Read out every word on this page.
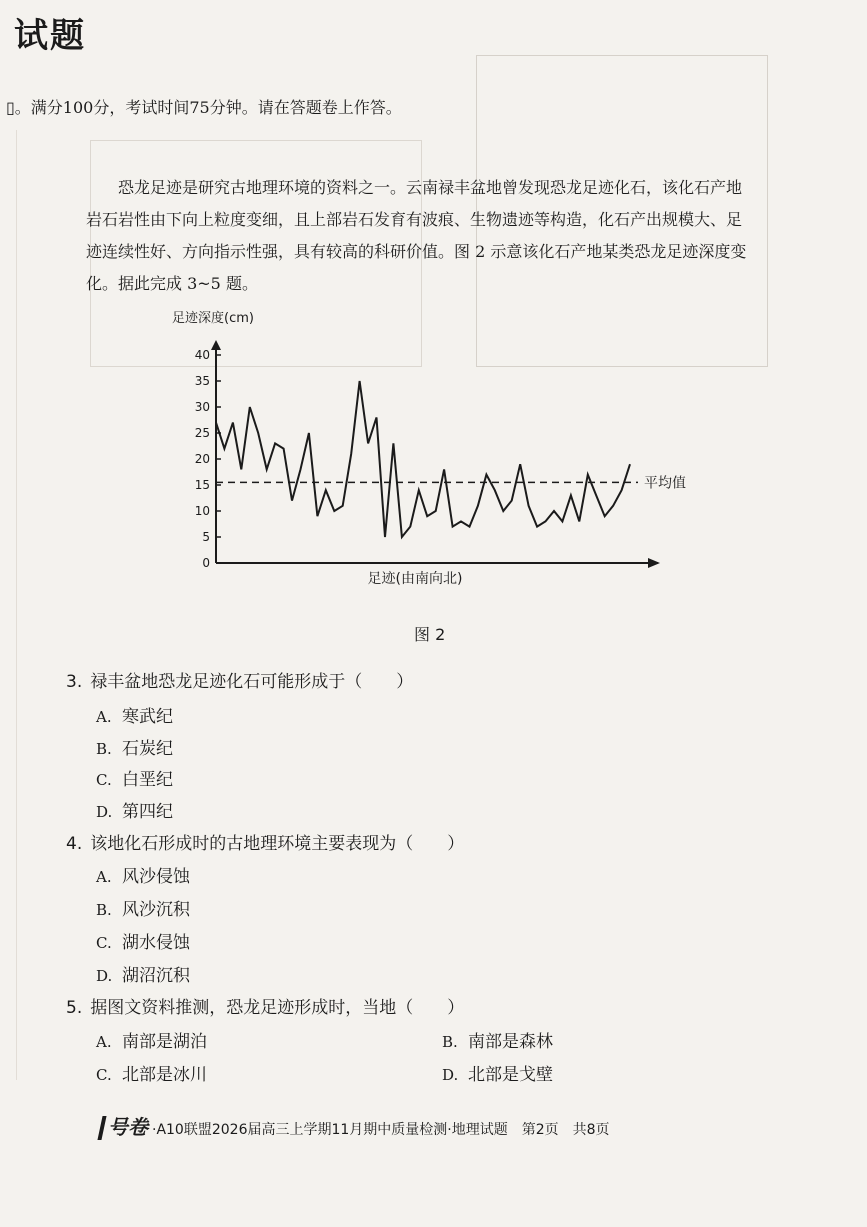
试题
▯。满分100分，考试时间75分钟。请在答题卷上作答。

恐龙足迹是研究古地理环境的资料之一。云南禄丰盆地曾发现恐龙足迹化石，该化石产地

岩石岩性由下向上粒度变细，且上部岩石发育有波痕、生物遗迹等构造，化石产出规模大、足

迹连续性好、方向指示性强，具有较高的科研价值。图 2 示意该化石产地某类恐龙足迹深度变

化。据此完成 3~5 题。

足迹深度(cm)
足迹(由南向北)
0
5
10
15
20
25
30
35
40
平均值
图 2
3. 禄丰盆地恐龙足迹化石可能形成于（　　）
A. 寒武纪
B. 石炭纪
C. 白垩纪
D. 第四纪
4. 该地化石形成时的古地理环境主要表现为（　　）
A. 风沙侵蚀
B. 风沙沉积
C. 湖水侵蚀
D. 湖沼沉积
5. 据图文资料推测，恐龙足迹形成时，当地（　　）
A. 南部是湖泊	B. 南部是森林
C. 北部是冰川	D. 北部是戈壁
号卷 ·A10联盟2026届高三上学期11月期中质量检测·地理试题　第2页　共8页
